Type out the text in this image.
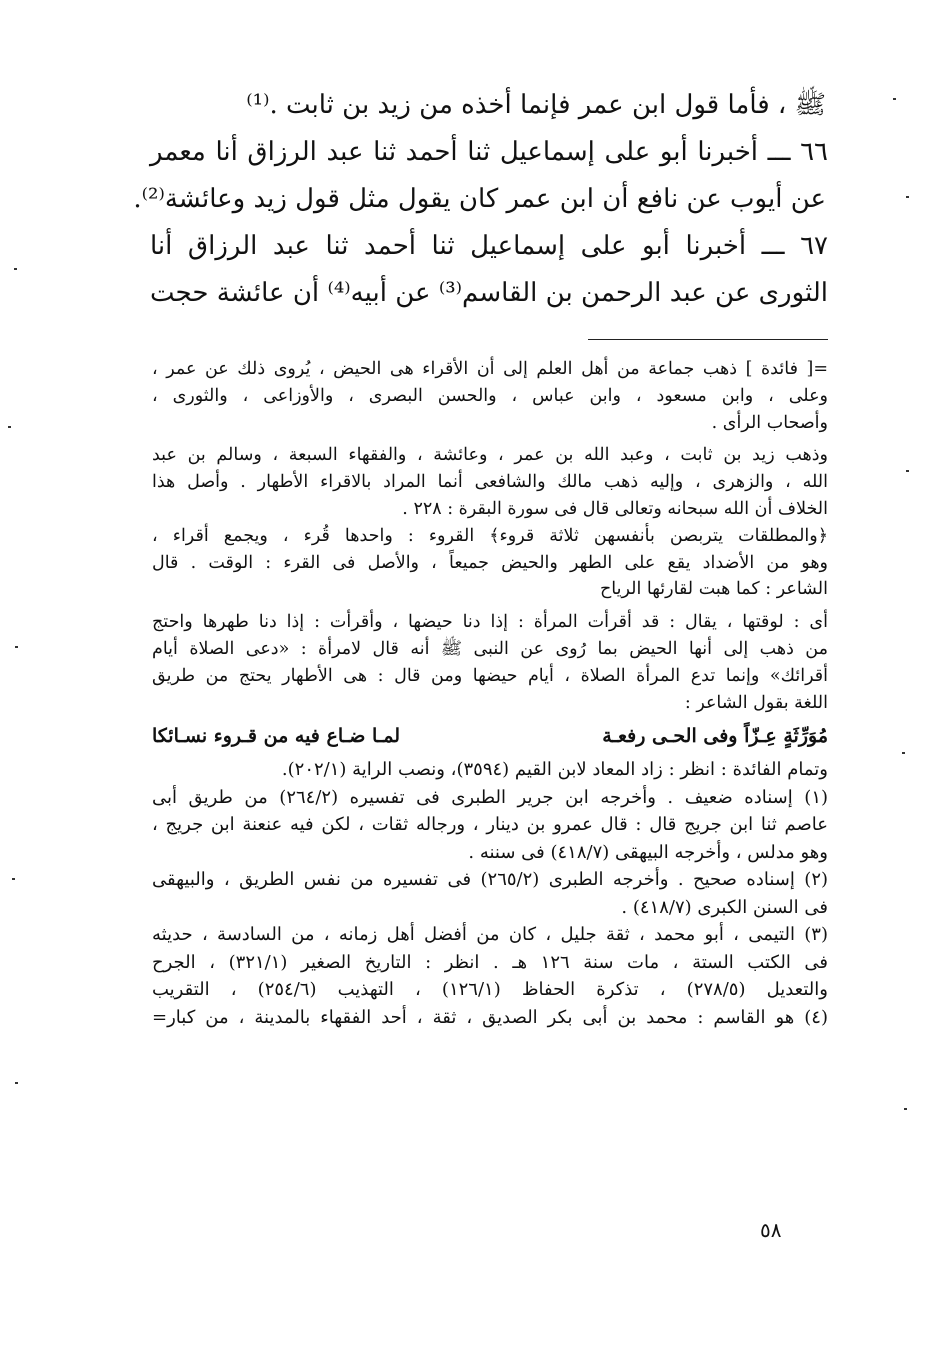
ﷺ ، فأما قول ابن عمر فإنما أخذه من زيد بن ثابت .⁽¹⁾
٦٦ ـــ أخبرنا أبو على إسماعيل ثنا أحمد ثنا عبد الرزاق أنا معمر
عن أيوب عن نافع أن ابن عمر كان يقول مثل قول زيد وعائشة⁽²⁾.
٦٧ ـــ أخبرنا أبو على إسماعيل ثنا أحمد ثنا عبد الرزاق أنا
الثورى عن عبد الرحمن بن القاسم⁽³⁾ عن أبيه⁽⁴⁾ أن عائشة حجت
=[ فائدة ] ذهب جماعة من أهل العلم إلى أن الأقراء هى الحيض ، يُروى ذلك عن عمر ،
وعلى ، وابن مسعود ، وابن عباس ، والحسن البصرى ، والأوزاعى ، والثورى ،
وأصحاب الرأى .
وذهب زيد بن ثابت ، وعبد الله بن عمر ، وعائشة ، والفقهاء السبعة ، وسالم بن عبد
الله ، والزهرى ، وإليه ذهب مالك والشافعى أنما المراد بالاقراء الأطهار . وأصل هذا
الخلاف أن الله سبحانه وتعالى قال فى سورة البقرة : ٢٢٨ .
﴿والمطلقات يتربصن بأنفسهن ثلاثة قروء﴾ القروء : واحدها قُرء ، ويجمع أقراء ،
وهو من الأضداد يقع على الطهر والحيض جميعاً ، والأصل فى القرء : الوقت . قال
الشاعر : كما هبت لقارئها الرياح
أى : لوقتها ، يقال : قد أقرأت المرأة : إذا دنا حيضها ، وأقرأت : إذا دنا طهرها واحتج
من ذهب إلى أنها الحيض بما رُوى عن النبى ﷺ أنه قال لامرأة : «دعى الصلاة أيام
أقرائك» وإنما تدع المرأة الصلاة ، أيام حيضها ومن قال : هى الأطهار يحتج من طريق
اللغة بقول الشاعر :
مُوَرِّثَةٍ عِـزّاً وفى الحـى رفعـة
لمـا ضـاع فيه من قـروء نسـائكا
وتمام الفائدة : انظر : زاد المعاد لابن القيم (٣٥٩٤)، ونصب الراية (٢٠٢/١).
(١) إسناده ضعيف . وأخرجه ابن جرير الطبرى فى تفسيره (٢٦٤/٢) من طريق أبى
عاصم ثنا ابن جريج قال : قال عمرو بن دينار ، ورجاله ثقات ، لكن فيه عنعنة ابن جريج ،
وهو مدلس ، وأخرجه البيهقى (٤١٨/٧) فى سننه .
(٢) إسناده صحيح . وأخرجه الطبرى (٢٦٥/٢) فى تفسيره من نفس الطريق ، والبيهقى
فى السنن الكبرى (٤١٨/٧) .
(٣) التيمى ، أبو محمد ، ثقة جليل ، كان من أفضل أهل زمانه ، من السادسة ، حديثه
فى الكتب الستة ، مات سنة ١٢٦ هـ . انظر : التاريخ الصغير (٣٢١/١) ، الجرح
والتعديل (٢٧٨/٥) ، تذكرة الحفاظ (١٢٦/١) ، التهذيب (٢٥٤/٦) ، التقريب
(٤) هو القاسم : محمد بن أبى بكر الصديق ، ثقة ، أحد الفقهاء بالمدينة ، من كبار=
٥٨
